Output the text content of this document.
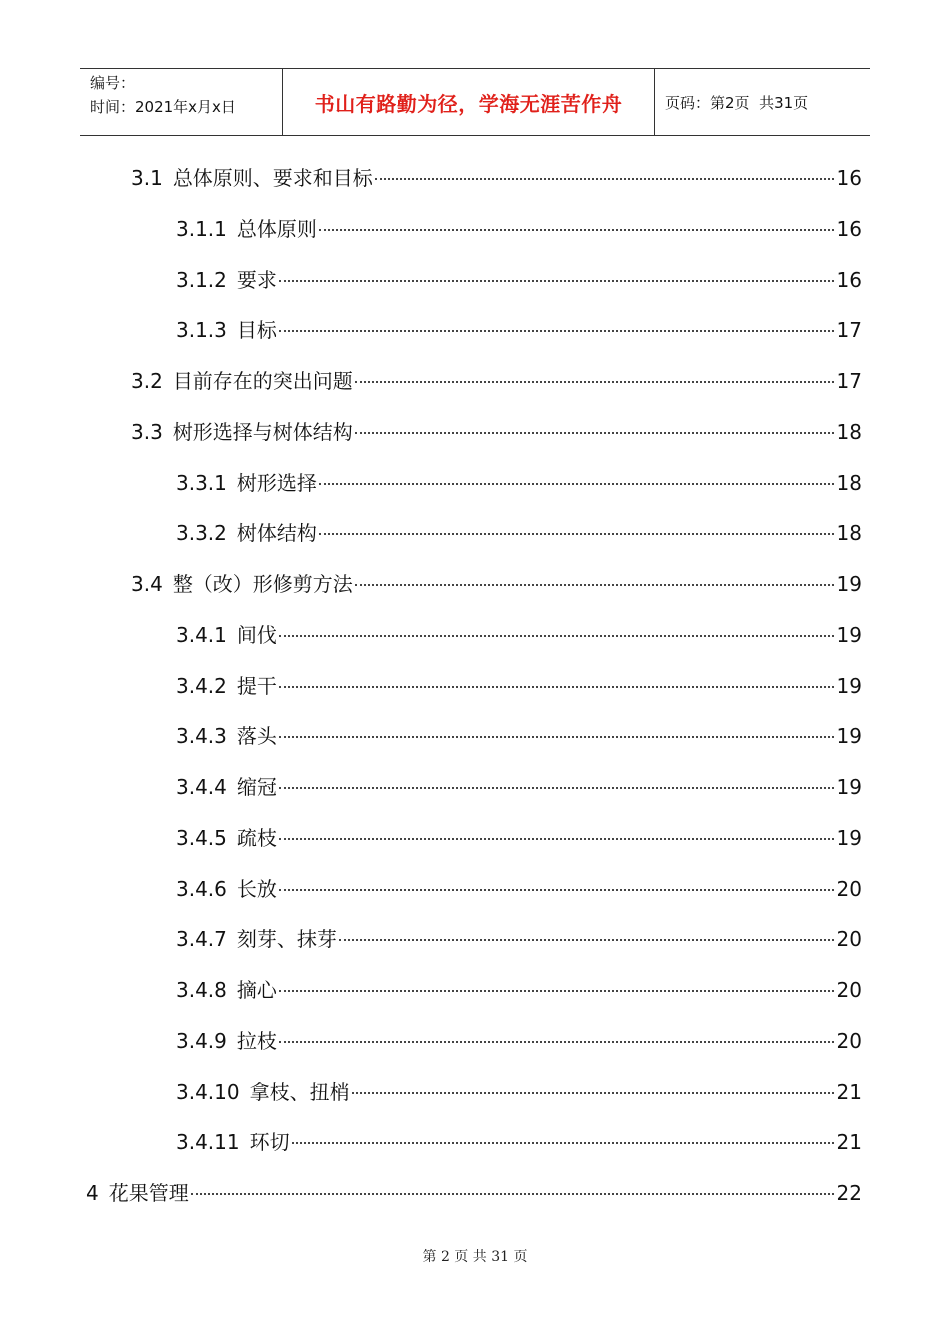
编号：
时间：2021年x月x日	书山有路勤为径，学海无涯苦作舟	页码：第2页  共31页
3.1 总体原则、要求和目标	16
3.1.1 总体原则	16
3.1.2 要求	16
3.1.3 目标	17
3.2 目前存在的突出问题	17
3.3 树形选择与树体结构	18
3.3.1 树形选择	18
3.3.2 树体结构	18
3.4 整（改）形修剪方法	19
3.4.1 间伐	19
3.4.2 提干	19
3.4.3 落头	19
3.4.4 缩冠	19
3.4.5 疏枝	19
3.4.6 长放	20
3.4.7 刻芽、抹芽	20
3.4.8 摘心	20
3.4.9 拉枝	20
3.4.10 拿枝、扭梢	21
3.4.11 环切	21
4 花果管理	22
第 2 页 共 31 页
